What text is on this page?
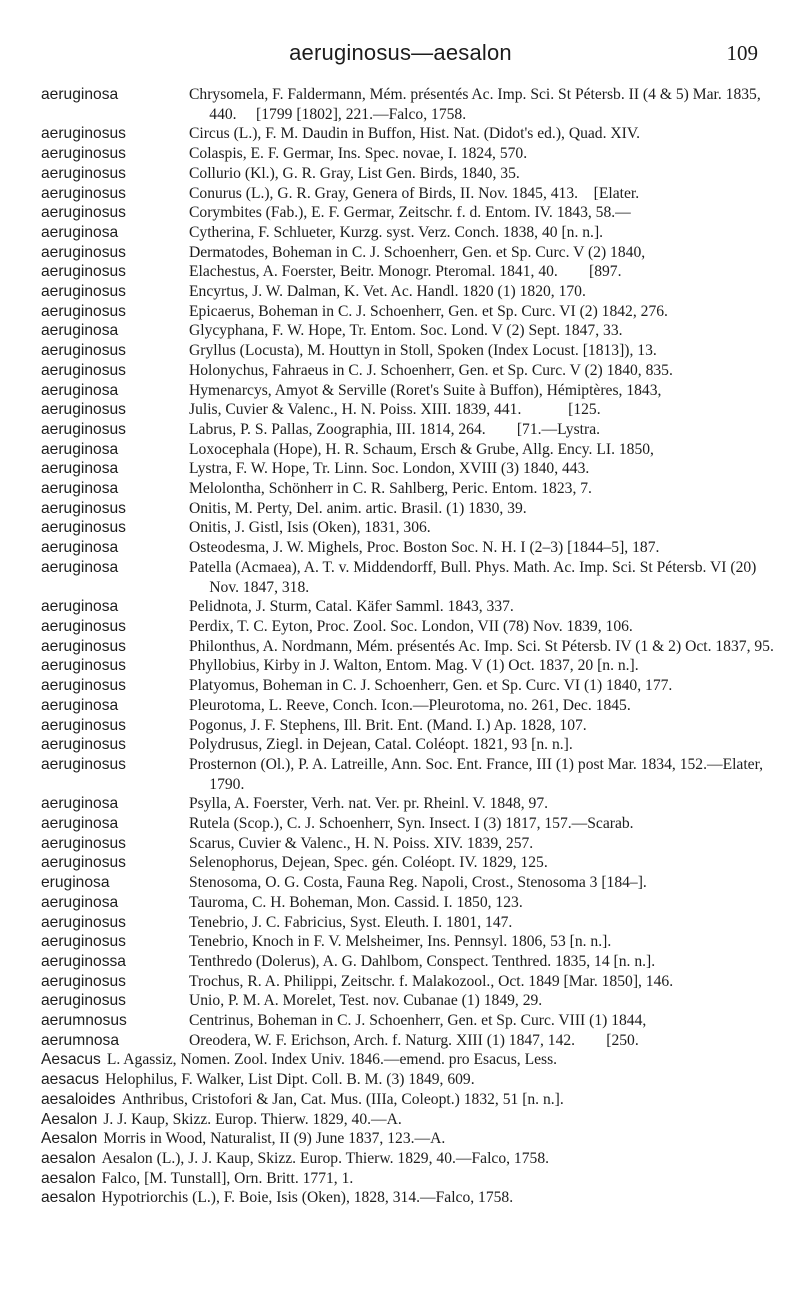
aeruginosus—aesalon	109
aeruginosa	Chrysomela, F. Faldermann, Mém. présentés Ac. Imp. Sci. St Pétersb. II (4 & 5) Mar. 1835, 440.  [1799 [1802], 221.—Falco, 1758.
aeruginosus	Circus (L.), F. M. Daudin in Buffon, Hist. Nat. (Didot's ed.), Quad. XIV.
aeruginosus	Colaspis, E. F. Germar, Ins. Spec. novae, I. 1824, 570.
aeruginosus	Collurio (Kl.), G. R. Gray, List Gen. Birds, 1840, 35.
aeruginosus	Conurus (L.), G. R. Gray, Genera of Birds, II. Nov. 1845, 413. [Elater.
aeruginosus	Corymbites (Fab.), E. F. Germar, Zeitschr. f. d. Entom. IV. 1843, 58.—
aeruginosa	Cytherina, F. Schlueter, Kurzg. syst. Verz. Conch. 1838, 40 [n. n.].
aeruginosus	Dermatodes, Boheman in C. J. Schoenherr, Gen. et Sp. Curc. V (2) 1840,
aeruginosus	Elachestus, A. Foerster, Beitr. Monogr. Pteromal. 1841, 40.  [897.
aeruginosus	Encyrtus, J. W. Dalman, K. Vet. Ac. Handl. 1820 (1) 1820, 170.
aeruginosus	Epicaerus, Boheman in C. J. Schoenherr, Gen. et Sp. Curc. VI (2) 1842, 276.
aeruginosa	Glycyphana, F. W. Hope, Tr. Entom. Soc. Lond. V (2) Sept. 1847, 33.
aeruginosus	Gryllus (Locusta), M. Houttyn in Stoll, Spoken (Index Locust. [1813]), 13.
aeruginosus	Holonychus, Fahraeus in C. J. Schoenherr, Gen. et Sp. Curc. V (2) 1840, 835.
aeruginosa	Hymenarcys, Amyot & Serville (Roret's Suite à Buffon), Hémiptères, 1843,
aeruginosus	Julis, Cuvier & Valenc., H. N. Poiss. XIII. 1839, 441.   [125.
aeruginosus	Labrus, P. S. Pallas, Zoographia, III. 1814, 264.  [71.—Lystra.
aeruginosa	Loxocephala (Hope), H. R. Schaum, Ersch & Grube, Allg. Ency. LI. 1850,
aeruginosa	Lystra, F. W. Hope, Tr. Linn. Soc. London, XVIII (3) 1840, 443.
aeruginosa	Melolontha, Schönherr in C. R. Sahlberg, Peric. Entom. 1823, 7.
aeruginosus	Onitis, M. Perty, Del. anim. artic. Brasil. (1) 1830, 39.
aeruginosus	Onitis, J. Gistl, Isis (Oken), 1831, 306.
aeruginosa	Osteodesma, J. W. Mighels, Proc. Boston Soc. N. H. I (2–3) [1844–5], 187.
aeruginosa	Patella (Acmaea), A. T. v. Middendorff, Bull. Phys. Math. Ac. Imp. Sci. St Pétersb. VI (20) Nov. 1847, 318.
aeruginosa	Pelidnota, J. Sturm, Catal. Käfer Samml. 1843, 337.
aeruginosus	Perdix, T. C. Eyton, Proc. Zool. Soc. London, VII (78) Nov. 1839, 106.
aeruginosus	Philonthus, A. Nordmann, Mém. présentés Ac. Imp. Sci. St Pétersb. IV (1 & 2) Oct. 1837, 95.
aeruginosus	Phyllobius, Kirby in J. Walton, Entom. Mag. V (1) Oct. 1837, 20 [n. n.].
aeruginosus	Platyomus, Boheman in C. J. Schoenherr, Gen. et Sp. Curc. VI (1) 1840, 177.
aeruginosa	Pleurotoma, L. Reeve, Conch. Icon.—Pleurotoma, no. 261, Dec. 1845.
aeruginosus	Pogonus, J. F. Stephens, Ill. Brit. Ent. (Mand. I.) Ap. 1828, 107.
aeruginosus	Polydrusus, Ziegl. in Dejean, Catal. Coléopt. 1821, 93 [n. n.].
aeruginosus	Prosternon (Ol.), P. A. Latreille, Ann. Soc. Ent. France, III (1) post Mar. 1834, 152.—Elater, 1790.
aeruginosa	Psylla, A. Foerster, Verh. nat. Ver. pr. Rheinl. V. 1848, 97.
aeruginosa	Rutela (Scop.), C. J. Schoenherr, Syn. Insect. I (3) 1817, 157.—Scarab.
aeruginosus	Scarus, Cuvier & Valenc., H. N. Poiss. XIV. 1839, 257.
aeruginosus	Selenophorus, Dejean, Spec. gén. Coléopt. IV. 1829, 125.
eruginosa	Stenosoma, O. G. Costa, Fauna Reg. Napoli, Crost., Stenosoma 3 [184–].
aeruginosa	Tauroma, C. H. Boheman, Mon. Cassid. I. 1850, 123.
aeruginosus	Tenebrio, J. C. Fabricius, Syst. Eleuth. I. 1801, 147.
aeruginosus	Tenebrio, Knoch in F. V. Melsheimer, Ins. Pennsyl. 1806, 53 [n. n.].
aeruginossa	Tenthredo (Dolerus), A. G. Dahlbom, Conspect. Tenthred. 1835, 14 [n. n.].
aeruginosus	Trochus, R. A. Philippi, Zeitschr. f. Malakozool., Oct. 1849 [Mar. 1850], 146.
aeruginosus	Unio, P. M. A. Morelet, Test. nov. Cubanae (1) 1849, 29.
aerumnosus	Centrinus, Boheman in C. J. Schoenherr, Gen. et Sp. Curc. VIII (1) 1844,
aerumnosa	Oreodera, W. F. Erichson, Arch. f. Naturg. XIII (1) 1847, 142.  [250.
Aesacus L. Agassiz, Nomen. Zool. Index Univ. 1846.—emend. pro Esacus, Less.
aesacus Helophilus, F. Walker, List Dipt. Coll. B. M. (3) 1849, 609.
aesaloides Anthribus, Cristofori & Jan, Cat. Mus. (IIIa, Coleopt.) 1832, 51 [n. n.].
Aesalon J. J. Kaup, Skizz. Europ. Thierw. 1829, 40.—A.
Aesalon Morris in Wood, Naturalist, II (9) June 1837, 123.—A.
aesalon Aesalon (L.), J. J. Kaup, Skizz. Europ. Thierw. 1829, 40.—Falco, 1758.
aesalon Falco, [M. Tunstall], Orn. Britt. 1771, 1.
aesalon Hypotriorchis (L.), F. Boie, Isis (Oken), 1828, 314.—Falco, 1758.
